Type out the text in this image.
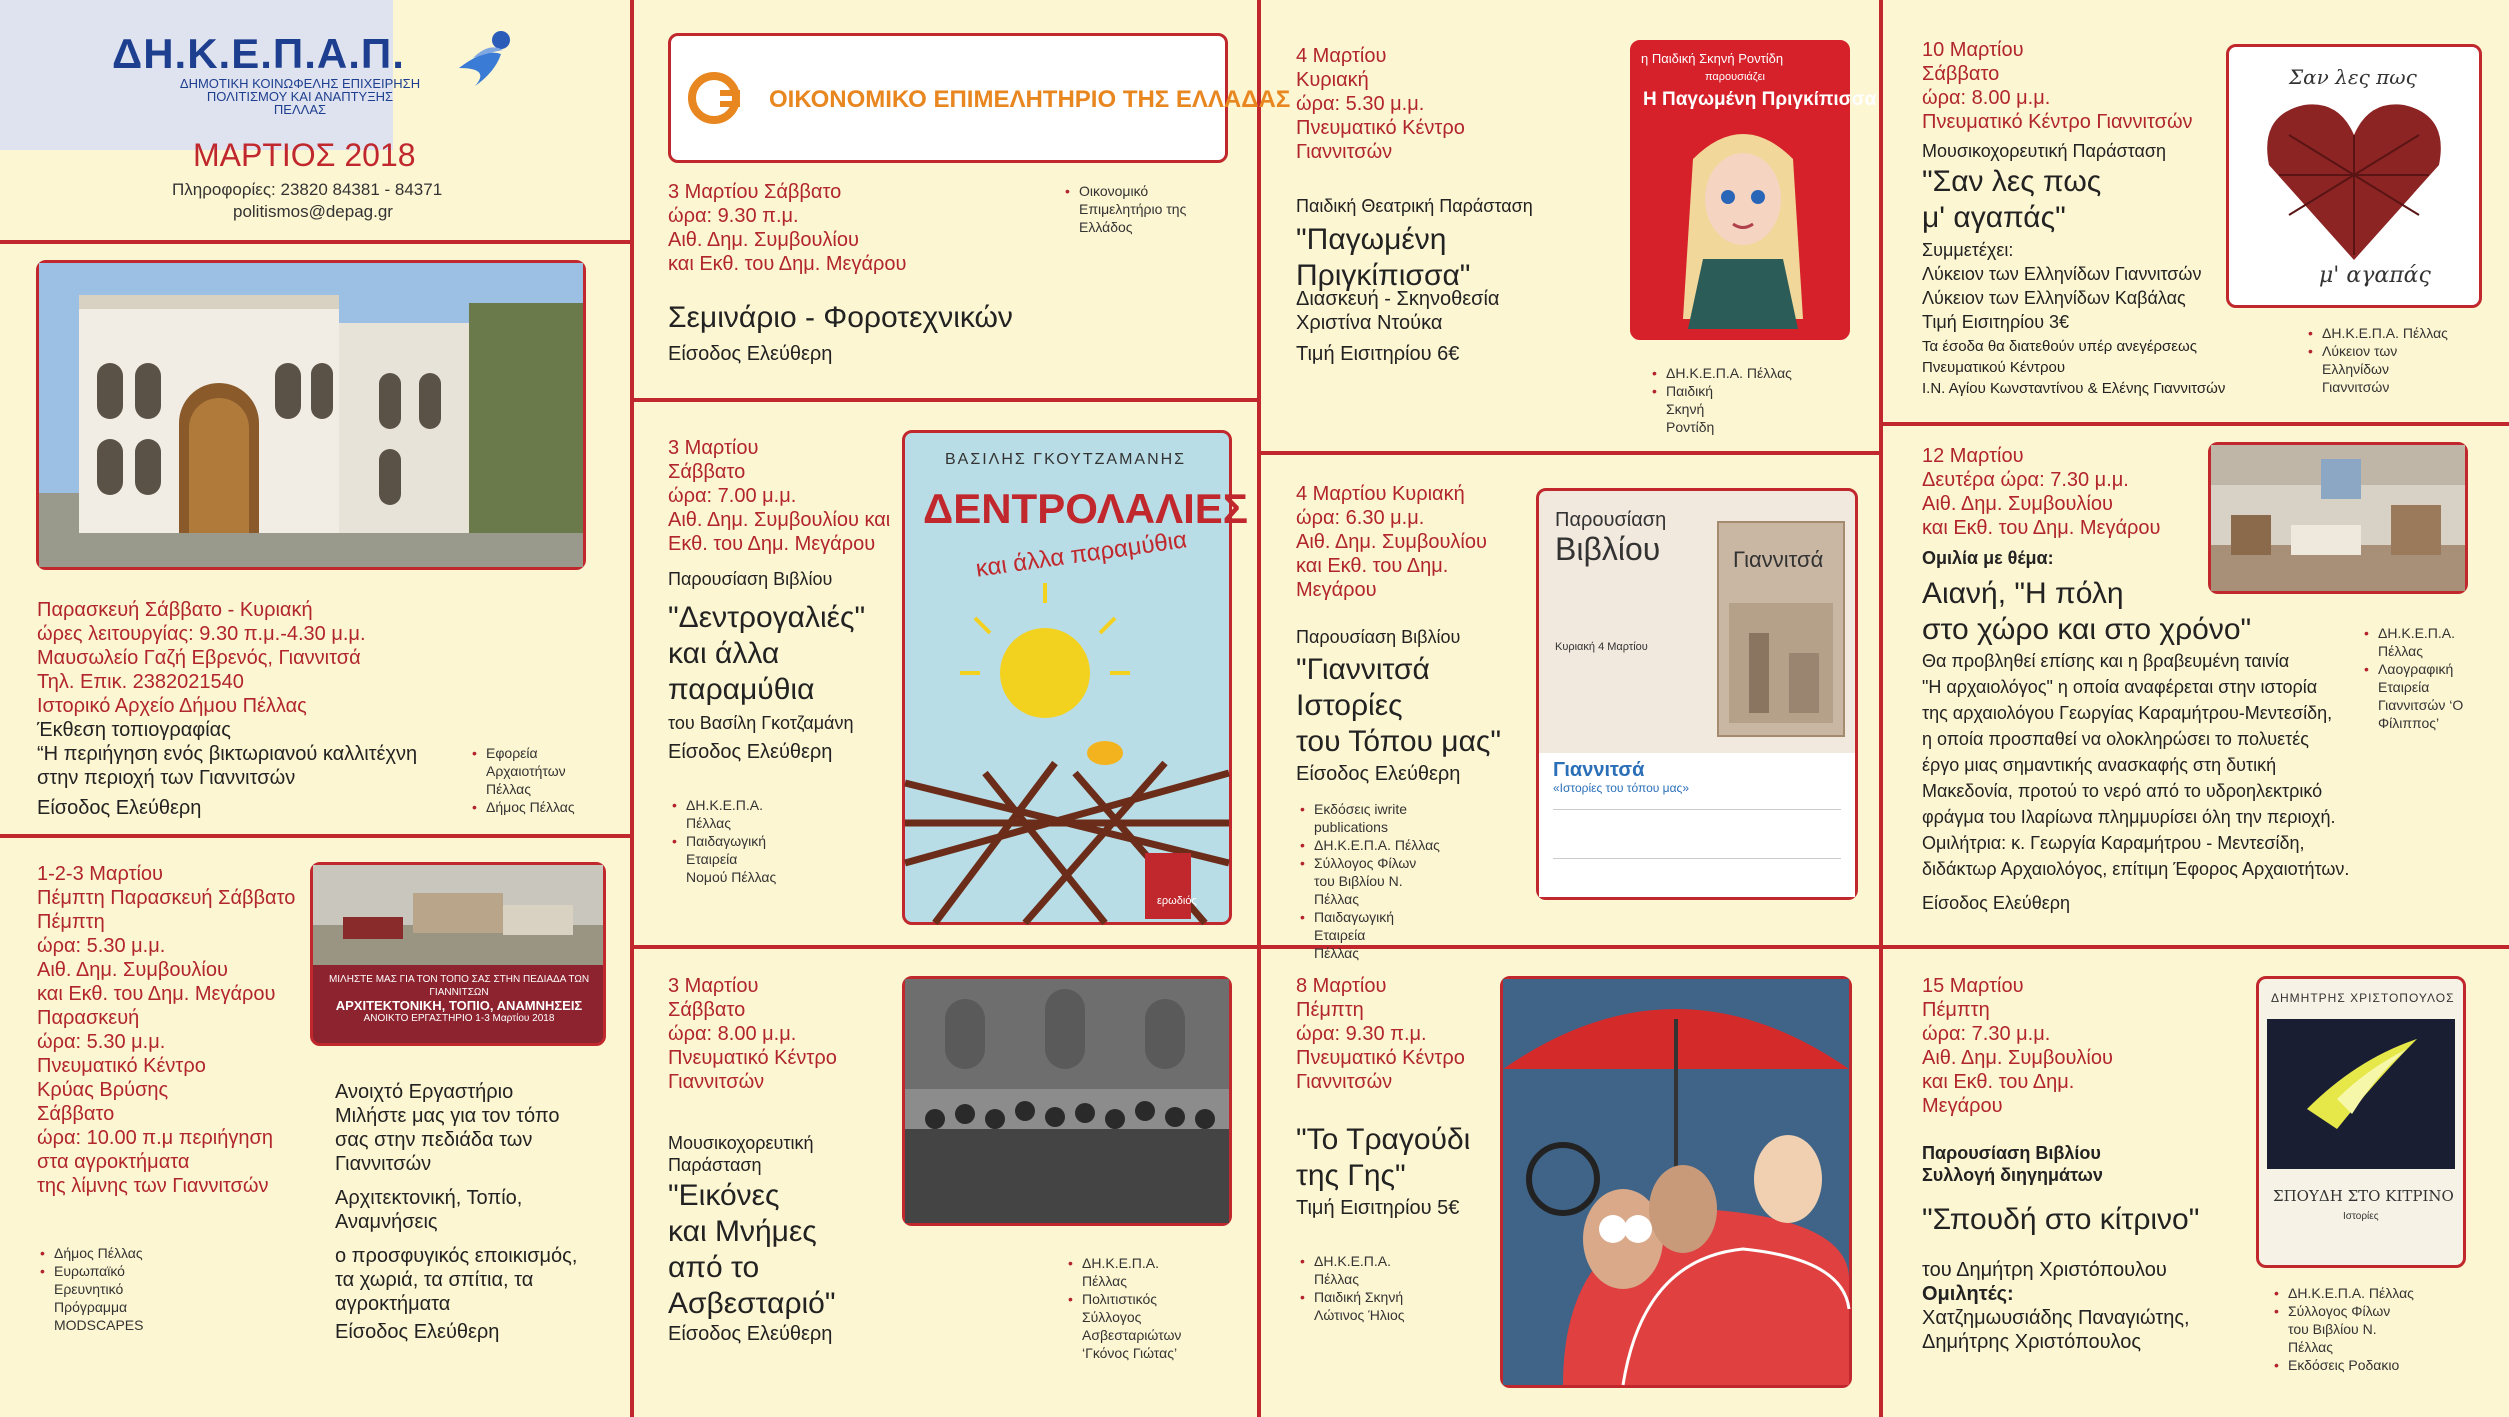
ΔΗ.Κ.Ε.Π.Α.Π.
ΔΗΜΟΤΙΚΗ ΚΟΙΝΩΦΕΛΗΣ ΕΠΙΧΕΙΡΗΣΗ
ΠΟΛΙΤΙΣΜΟΥ ΚΑΙ ΑΝΑΠΤΥΞΗΣ
ΠΕΛΛΑΣ
ΜΑΡΤΙΟΣ 2018
Πληροφορίες: 23820 84381 - 84371
politismos@depag.gr
Παρασκευή Σάββατο - Κυριακή
ώρες λειτουργίας: 9.30 π.μ.-4.30 μ.μ.
Μαυσωλείο Γαζή Εβρενός, Γιαννιτσά
Τηλ. Επικ. 2382021540
Ιστορικό Αρχείο Δήμου Πέλλας
Έκθεση τοπιογραφίας
“Η περιήγηση ενός βικτωριανού καλλιτέχνη
στην περιοχή των Γιαννιτσών
Είσοδος Ελεύθερη
• Εφορεία Αρχαιοτήτων Πέλλας
• Δήμος Πέλλας
1-2-3 Μαρτίου
Πέμπτη Παρασκευή Σάββατο
Πέμπτη
ώρα: 5.30 μ.μ.
Αιθ. Δημ. Συμβουλίου
και Εκθ. του Δημ. Μεγάρου
Παρασκευή
ώρα: 5.30 μ.μ.
Πνευματικό Κέντρο
Κρύας Βρύσης
Σάββατο
ώρα: 10.00 π.μ περιήγηση
στα αγροκτήματα
της λίμνης των Γιαννιτσών
ΜΙΛΗΣΤΕ ΜΑΣ ΓΙΑ ΤΟΝ ΤΟΠΟ ΣΑΣ ΣΤΗΝ ΠΕΔΙΑΔΑ ΤΩΝ ΓΙΑΝΝΙΤΣΩΝ
ΑΡΧΙΤΕΚΤΟΝΙΚΗ, ΤΟΠΙΟ, ΑΝΑΜΝΗΣΕΙΣ
ΑΝΟΙΚΤΟ ΕΡΓΑΣΤΗΡΙΟ 1-3 Μαρτίου 2018
Ανοιχτό Εργαστήριο
Μιλήστε μας για τον τόπο
σας στην πεδιάδα των
Γιαννιτσών
Αρχιτεκτονική, Τοπίο,
Αναμνήσεις
ο προσφυγικός εποικισμός,
τα χωριά, τα σπίτια, τα
αγροκτήματα
Είσοδος Ελεύθερη
• Δήμος Πέλλας
• Ευρωπαϊκό Ερευνητικό Πρόγραμμα MODSCAPES
ΟΙΚΟΝΟΜΙΚΟ ΕΠΙΜΕΛΗΤΗΡΙΟ ΤΗΣ ΕΛΛΑΔΑΣ
3 Μαρτίου Σάββατο
ώρα: 9.30 π.μ.
Αιθ. Δημ. Συμβουλίου
και Εκθ. του Δημ. Μεγάρου
Σεμινάριο - Φοροτεχνικών
Είσοδος Ελεύθερη
• Οικονομικό Επιμελητήριο της Ελλάδος
3 Μαρτίου
Σάββατο
ώρα: 7.00 μ.μ.
Αιθ. Δημ. Συμβουλίου και
Εκθ. του Δημ. Μεγάρου
Παρουσίαση Βιβλίου
"Δεντρογαλιές"
και άλλα
παραμύθια
του Βασίλη Γκοτζαμάνη
Είσοδος Ελεύθερη
• ΔΗ.Κ.Ε.Π.Α. Πέλλας
• Παιδαγωγική Εταιρεία Νομού Πέλλας
ΒΑΣΙΛΗΣ ΓΚΟΥΤΖΑΜΑΝΗΣ
ΔΕΝΤΡΟΛΑΛΙΕΣ
και άλλα παραμύθια
ερωδιός
3 Μαρτίου
Σάββατο
ώρα: 8.00 μ.μ.
Πνευματικό Κέντρο
Γιαννιτσών
Μουσικοχορευτική
Παράσταση
"Εικόνες
και Μνήμες
από το
Ασβεσταριό"
Είσοδος Ελεύθερη
• ΔΗ.Κ.Ε.Π.Α. Πέλλας
• Πολιτιστικός Σύλλογος Ασβεσταριώτων ‘Γκόνος Γιώτας’
4 Μαρτίου
Κυριακή
ώρα: 5.30 μ.μ.
Πνευματικό Κέντρο
Γιαννιτσών
Παιδική Θεατρική Παράσταση
"Παγωμένη
Πριγκίπισσα"
Διασκευή - Σκηνοθεσία
Χριστίνα Ντούκα
Τιμή Εισιτηρίου 6€
• ΔΗ.Κ.Ε.Π.Α. Πέλλας
• Παιδική Σκηνή Ροντίδη
η Παιδική Σκηνή Ροντίδη
παρουσιάζει
Η Παγωμένη Πριγκίπισσα
4 Μαρτίου Κυριακή
ώρα: 6.30 μ.μ.
Αιθ. Δημ. Συμβουλίου
και Εκθ. του Δημ.
Μεγάρου
Παρουσίαση Βιβλίου
"Γιαννιτσά
Ιστορίες
του Τόπου μας"
Είσοδος Ελεύθερη
• Εκδόσεις iwrite publications
• ΔΗ.Κ.Ε.Π.Α. Πέλλας
• Σύλλογος Φίλων του Βιβλίου Ν. Πέλλας
• Παιδαγωγική Εταιρεία Πέλλας
Παρουσίαση
Βιβλίου
Κυριακή 4 Μαρτίου
Γιαννιτσά
Γιαννιτσά
«Ιστορίες του τόπου μας»
8 Μαρτίου
Πέμπτη
ώρα: 9.30 π.μ.
Πνευματικό Κέντρο
Γιαννιτσών
"Το Τραγούδι
της Γης"
Τιμή Εισιτηρίου 5€
• ΔΗ.Κ.Ε.Π.Α. Πέλλας
• Παιδική Σκηνή Λώτινος Ήλιος
10 Μαρτίου
Σάββατο
ώρα: 8.00 μ.μ.
Πνευματικό Κέντρο Γιαννιτσών
Μουσικοχορευτική Παράσταση
"Σαν λες πως
μ' αγαπάς"
Συμμετέχει:
Λύκειον των Ελληνίδων Γιαννιτσών
Λύκειον των Ελληνίδων Καβάλας
Τιμή Εισιτηρίου 3€
Τα έσοδα θα διατεθούν υπέρ ανεγέρσεως
Πνευματικού Κέντρου
Ι.Ν. Αγίου Κωνσταντίνου & Ελένης Γιαννιτσών
• ΔΗ.Κ.Ε.Π.Α. Πέλλας
• Λύκειον των Ελληνίδων Γιαννιτσών
Σαν λες πως
μ' αγαπάς
12 Μαρτίου
Δευτέρα ώρα: 7.30 μ.μ.
Αιθ. Δημ. Συμβουλίου
και Εκθ. του Δημ. Μεγάρου
Ομιλία με θέμα:
Αιανή, "Η πόλη
στο χώρο και στο χρόνο"
Θα προβληθεί επίσης και η βραβευμένη ταινία
"Η αρχαιολόγος" η οποία αναφέρεται στην ιστορία
της αρχαιολόγου Γεωργίας Καραμήτρου-Μεντεσίδη,
η οποία προσπαθεί να ολοκληρώσει το πολυετές
έργο μιας σημαντικής ανασκαφής στη δυτική
Μακεδονία, προτού το νερό από το υδροηλεκτρικό
φράγμα του Ιλαρίωνα πλημμυρίσει όλη την περιοχή.
Ομιλήτρια: κ. Γεωργία Καραμήτρου - Μεντεσίδη,
διδάκτωρ Αρχαιολόγος, επίτιμη Έφορος Αρχαιοτήτων.
Είσοδος Ελεύθερη
• ΔΗ.Κ.Ε.Π.Α. Πέλλας
• Λαογραφική Εταιρεία Γιαννιτσών ‘Ο Φίλιππος’
15 Μαρτίου
Πέμπτη
ώρα: 7.30 μ.μ.
Αιθ. Δημ. Συμβουλίου
και Εκθ. του Δημ.
Μεγάρου
Παρουσίαση Βιβλίου
Συλλογή διηγημάτων
"Σπουδή στο κίτρινο"
του Δημήτρη Χριστόπουλου
Ομιλητές:
Χατζημωυσιάδης Παναγιώτης,
Δημήτρης Χριστόπουλος
• ΔΗ.Κ.Ε.Π.Α. Πέλλας
• Σύλλογος Φίλων του Βιβλίου Ν. Πέλλας
• Εκδόσεις Ροδακιο
ΔΗΜΗΤΡΗΣ ΧΡΙΣΤΟΠΟΥΛΟΣ
ΣΠΟΥΔΗ ΣΤΟ ΚΙΤΡΙΝΟ
Ιστορίες
